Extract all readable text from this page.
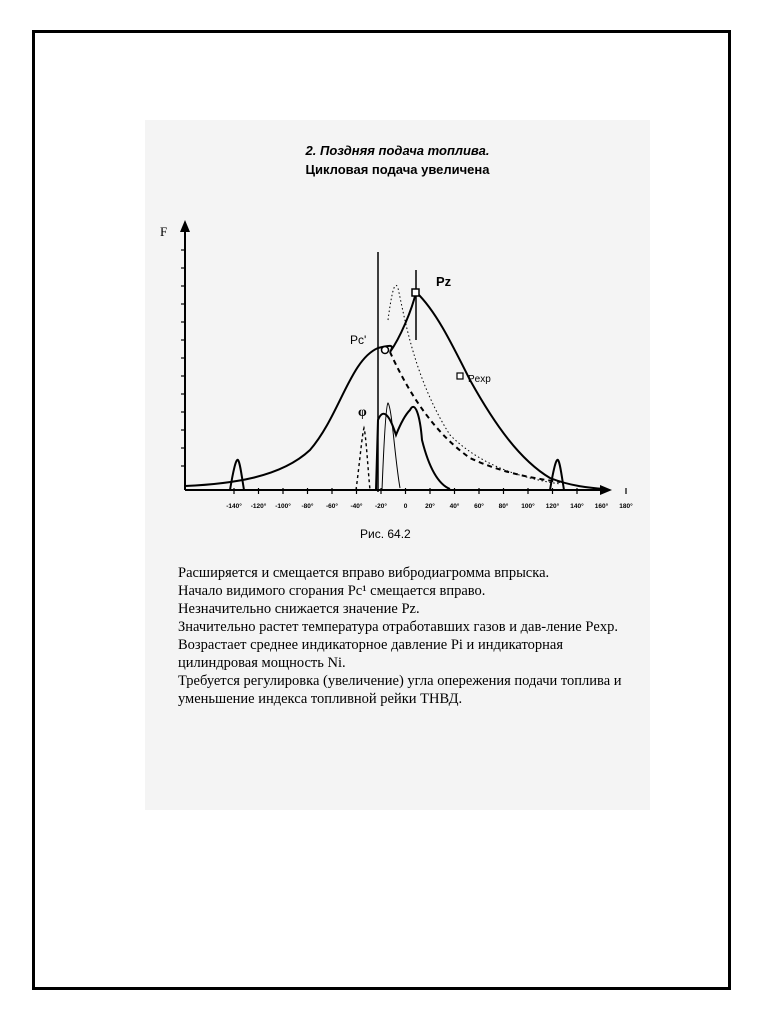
2. Поздняя подача топлива.
Цикловая подача увеличена
F
-140° -120° -100° -80° -60° -40° -20°	0	20° 40° 60° 80° 100° 120° 140° 160° 180°
Pz
Pc'
Pexp
φ
Рис. 64.2

Расширяется и смещается вправо вибродиагромма впрыска.

Начало видимого сгорания Pc¹ смещается вправо.

Незначительно снижается значение Pz.

Значительно растет температура отработавших газов и дав-ление Pexp.

Возрастает среднее индикаторное давление Pi и индикаторная цилиндровая мощность Ni.

Требуется регулировка (увеличение) угла опережения подачи топлива и уменьшение индекса топливной рейки ТНВД.
